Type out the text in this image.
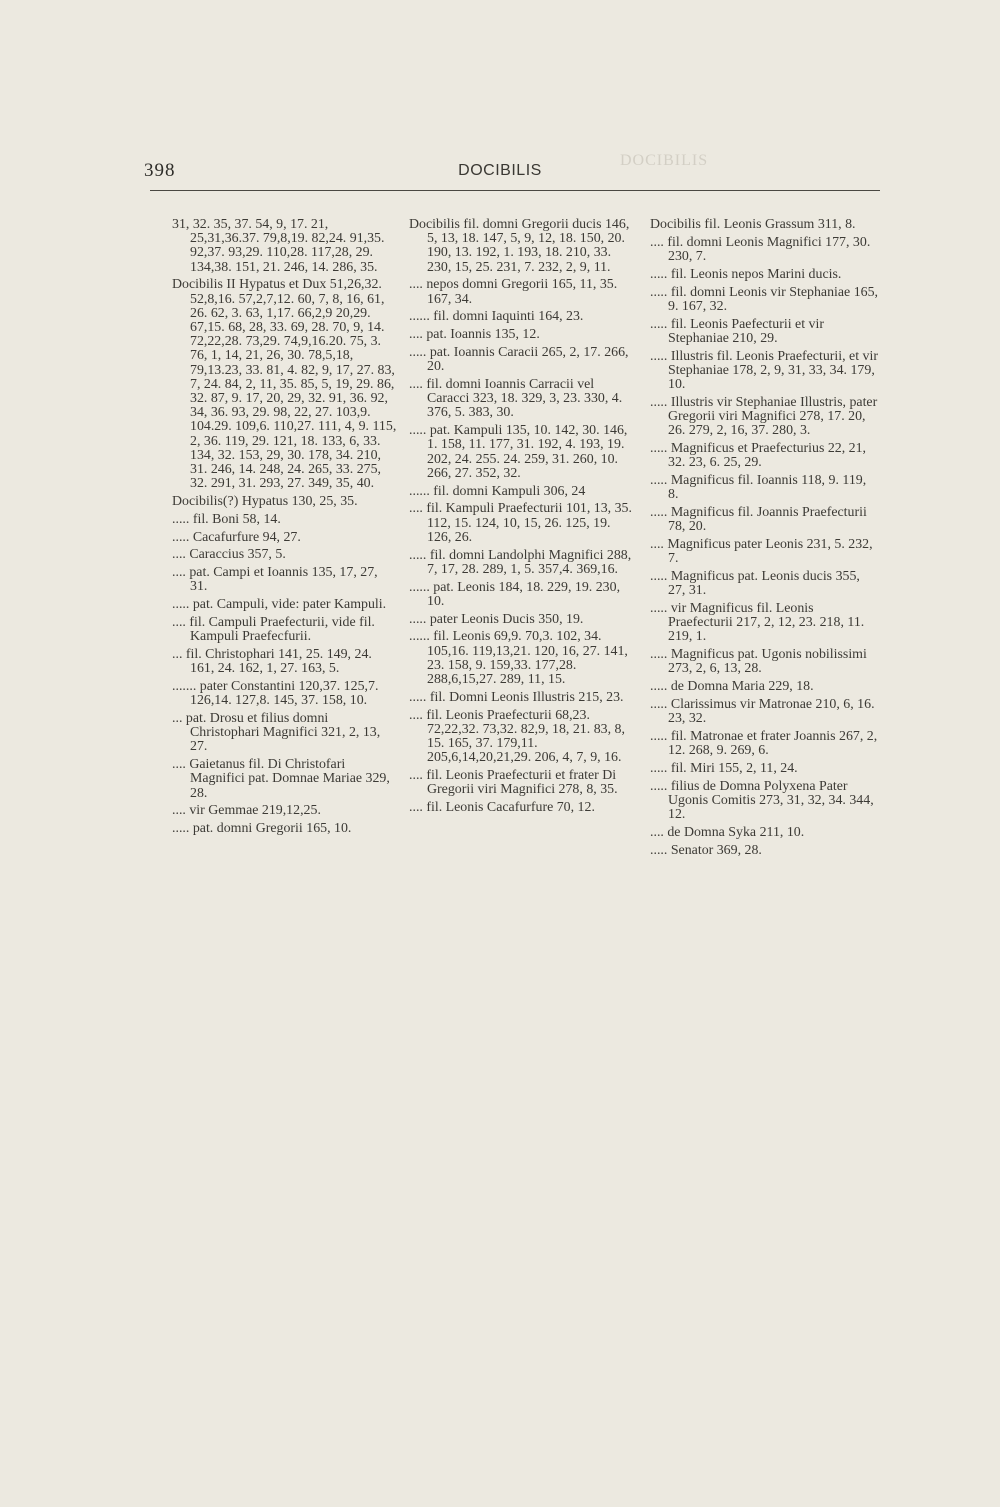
DOCIBILIS
398	DOCIBILIS
31, 32. 35, 37. 54, 9, 17. 21, 25,31,36.37. 79,8,19. 82,24. 91,35. 92,37. 93,29. 110,28. 117,28, 29. 134,38. 151, 21. 246, 14. 286, 35.
Docibilis II Hypatus et Dux 51,26,32. 52,8,16. 57,2,7,12. 60, 7, 8, 16, 61, 26. 62, 3. 63, 1,17. 66,2,9 20,29. 67,15. 68, 28, 33. 69, 28. 70, 9, 14. 72,22,28. 73,29. 74,9,16.20. 75, 3. 76, 1, 14, 21, 26, 30. 78,5,18, 79,13.23, 33. 81, 4. 82, 9, 17, 27. 83, 7, 24. 84, 2, 11, 35. 85, 5, 19, 29. 86, 32. 87, 9. 17, 20, 29, 32. 91, 36. 92, 34, 36. 93, 29. 98, 22, 27. 103,9. 104.29. 109,6. 110,27. 111, 4, 9. 115, 2, 36. 119, 29. 121, 18. 133, 6, 33. 134, 32. 153, 29, 30. 178, 34. 210, 31. 246, 14. 248, 24. 265, 33. 275, 32. 291, 31. 293, 27. 349, 35, 40.
Docibilis(?) Hypatus 130, 25, 35.
..... fil. Boni 58, 14.
..... Cacafurfure 94, 27.
.... Caraccius 357, 5.
.... pat. Campi et Ioannis 135, 17, 27, 31.
..... pat. Campuli, vide: pater Kampuli.
.... fil. Campuli Praefecturii, vide fil. Kampuli Praefecfurii.
... fil. Christophari 141, 25. 149, 24. 161, 24. 162, 1, 27. 163, 5.
....... pater Constantini 120,37. 125,7. 126,14. 127,8. 145, 37. 158, 10.
... pat. Drosu et filius domni Christophari Magnifici 321, 2, 13, 27.
.... Gaietanus fil. Di Christofari Magnifici pat. Domnae Mariae 329, 28.
.... vir Gemmae 219,12,25.
..... pat. domni Gregorii 165, 10.
Docibilis fil. domni Gregorii ducis 146, 5, 13, 18. 147, 5, 9, 12, 18. 150, 20. 190, 13. 192, 1. 193, 18. 210, 33. 230, 15, 25. 231, 7. 232, 2, 9, 11.
.... nepos domni Gregorii 165, 11, 35. 167, 34.
...... fil. domni Iaquinti 164, 23.
.... pat. Ioannis 135, 12.
..... pat. Ioannis Caracii 265, 2, 17. 266, 20.
.... fil. domni Ioannis Carracii vel Caracci 323, 18. 329, 3, 23. 330, 4. 376, 5. 383, 30.
..... pat. Kampuli 135, 10. 142, 30. 146, 1. 158, 11. 177, 31. 192, 4. 193, 19. 202, 24. 255. 24. 259, 31. 260, 10. 266, 27. 352, 32.
...... fil. domni Kampuli 306, 24
.... fil. Kampuli Praefecturii 101, 13, 35. 112, 15. 124, 10, 15, 26. 125, 19. 126, 26.
..... fil. domni Landolphi Magnifici 288, 7, 17, 28. 289, 1, 5. 357,4. 369,16.
...... pat. Leonis 184, 18. 229, 19. 230, 10.
..... pater Leonis Ducis 350, 19.
...... fil. Leonis 69,9. 70,3. 102, 34. 105,16. 119,13,21. 120, 16, 27. 141, 23. 158, 9. 159,33. 177,28. 288,6,15,27. 289, 11, 15.
..... fil. Domni Leonis Illustris 215, 23.
.... fil. Leonis Praefecturii 68,23. 72,22,32. 73,32. 82,9, 18, 21. 83, 8, 15. 165, 37. 179,11. 205,6,14,20,21,29. 206, 4, 7, 9, 16.
.... fil. Leonis Praefecturii et frater Di Gregorii viri Magnifici 278, 8, 35.
.... fil. Leonis Cacafurfure 70, 12.
Docibilis fil. Leonis Grassum 311, 8.
.... fil. domni Leonis Magnifici 177, 30. 230, 7.
..... fil. Leonis nepos Marini ducis.
..... fil. domni Leonis vir Stephaniae 165, 9. 167, 32.
..... fil. Leonis Paefecturii et vir Stephaniae 210, 29.
..... Illustris fil. Leonis Praefecturii, et vir Stephaniae 178, 2, 9, 31, 33, 34. 179, 10.
..... Illustris vir Stephaniae Illustris, pater Gregorii viri Magnifici 278, 17. 20, 26. 279, 2, 16, 37. 280, 3.
..... Magnificus et Praefecturius 22, 21, 32. 23, 6. 25, 29.
..... Magnificus fil. Ioannis 118, 9. 119, 8.
..... Magnificus fil. Joannis Praefecturii 78, 20.
.... Magnificus pater Leonis 231, 5. 232, 7.
..... Magnificus pat. Leonis ducis 355, 27, 31.
..... vir Magnificus fil. Leonis Praefecturii 217, 2, 12, 23. 218, 11. 219, 1.
..... Magnificus pat. Ugonis nobilissimi 273, 2, 6, 13, 28.
..... de Domna Maria 229, 18.
..... Clarissimus vir Matronae 210, 6, 16. 23, 32.
..... fil. Matronae et frater Joannis 267, 2, 12. 268, 9. 269, 6.
..... fil. Miri 155, 2, 11, 24.
..... filius de Domna Polyxena Pater Ugonis Comitis 273, 31, 32, 34. 344, 12.
.... de Domna Syka 211, 10.
..... Senator 369, 28.
